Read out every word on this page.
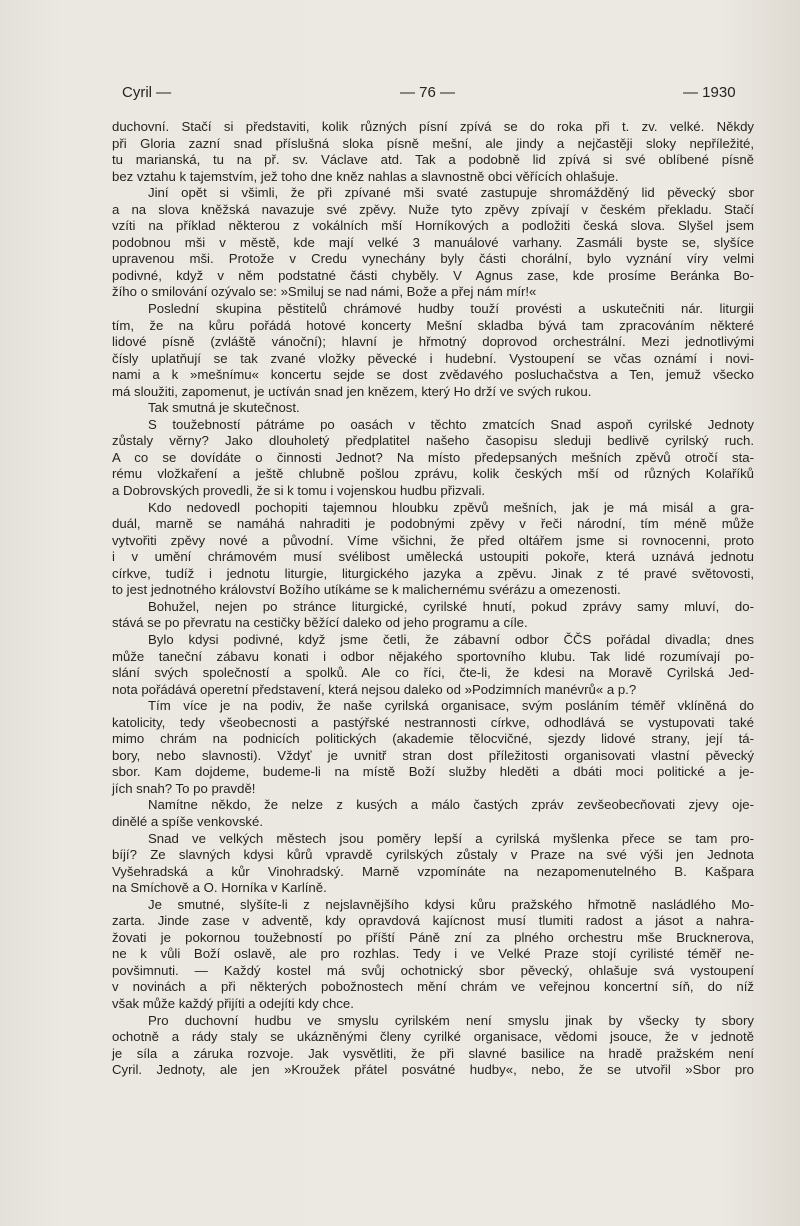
Cyril —	— 76 —	— 1930
duchovní. Stačí si představiti, kolik různých písní zpívá se do roka při t. zv. velké. Někdy
při Gloria zazní snad příslušná sloka písně mešní, ale jindy a nejčastěji sloky nepříležité,
tu marianská, tu na př. sv. Václave atd. Tak a podobně lid zpívá si své oblíbené písně
bez vztahu k tajemstvím, jež toho dne kněz nahlas a slavnostně obci věřících ohlašuje.
Jiní opět si všimli, že při zpívané mši svaté zastupuje shromážděný lid pěvecký sbor
a na slova kněžská navazuje své zpěvy. Nuže tyto zpěvy zpívají v českém překladu. Stačí
vzíti na příklad některou z vokálních mší Horníkových a podložiti česká slova. Slyšel jsem
podobnou mši v městě, kde mají velké 3 manuálové varhany. Zasmáli byste se, slyšíce
upravenou mši. Protože v Credu vynechány byly části chorální, bylo vyznání víry velmi
podivné, když v něm podstatné části chyběly. V Agnus zase, kde prosíme Beránka Bo-
žího o smilování ozývalo se: »Smiluj se nad námi, Bože a přej nám mír!«
Poslední skupina pěstitelů chrámové hudby touží provésti a uskutečniti nár. liturgii
tím, že na kůru pořádá hotové koncerty Mešní skladba bývá tam zpracováním některé
lidové písně (zvláště vánoční); hlavní je hřmotný doprovod orchestrální. Mezi jednotlivými
čísly uplatňují se tak zvané vložky pěvecké i hudební. Vystoupení se včas oznámí i novi-
nami a k »mešnímu« koncertu sejde se dost zvědavého posluchačstva a Ten, jemuž všecko
má sloužiti, zapomenut, je uctíván snad jen knězem, který Ho drží ve svých rukou.
Tak smutná je skutečnost.
S toužebností pátráme po oasách v těchto zmatcích Snad aspoň cyrilské Jednoty
zůstaly věrny? Jako dlouholetý předplatitel našeho časopisu sleduji bedlivě cyrilský ruch.
A co se dovídáte o činnosti Jednot? Na místo předepsaných mešních zpěvů otročí sta-
rému vložkaření a ještě chlubně pošlou zprávu, kolik českých mší od různých Kolaříků
a Dobrovských provedli, že si k tomu i vojenskou hudbu přizvali.
Kdo nedovedl pochopiti tajemnou hloubku zpěvů mešních, jak je má misál a gra-
duál, marně se namáhá nahraditi je podobnými zpěvy v řeči národní, tím méně může
vytvořiti zpěvy nové a původní. Víme všichni, že před oltářem jsme si rovnocenni, proto
i v umění chrámovém musí svélibost umělecká ustoupiti pokoře, která uznává jednotu
církve, tudíž i jednotu liturgie, liturgického jazyka a zpěvu. Jinak z té pravé světovosti,
to jest jednotného království Božího utíkáme se k malichernému svérázu a omezenosti.
Bohužel, nejen po stránce liturgické, cyrilské hnutí, pokud zprávy samy mluví, do-
stává se po převratu na cestičky běžící daleko od jeho programu a cíle.
Bylo kdysi podivné, když jsme četli, že zábavní odbor ČČS pořádal divadla; dnes
může taneční zábavu konati i odbor nějakého sportovního klubu. Tak lidé rozumívají po-
slání svých společností a spolků. Ale co říci, čte-li, že kdesi na Moravě Cyrilská Jed-
nota pořádává operetní představení, která nejsou daleko od »Podzimních manévrů« a p.?
Tím více je na podiv, že naše cyrilská organisace, svým posláním téměř vklíněná do
katolicity, tedy všeobecnosti a pastýřské nestrannosti církve, odhodlává se vystupovati také
mimo chrám na podnicích politických (akademie tělocvičné, sjezdy lidové strany, její tá-
bory, nebo slavnosti). Vždyť je uvnitř stran dost příležitosti organisovati vlastní pěvecký
sbor. Kam dojdeme, budeme-li na místě Boží služby hleděti a dbáti moci politické a je-
jích snah? To po pravdě!
Namítne někdo, že nelze z kusých a málo častých zpráv zevšeobecňovati zjevy oje-
dinělé a spíše venkovské.
Snad ve velkých městech jsou poměry lepší a cyrilská myšlenka přece se tam pro-
bíjí? Ze slavných kdysi kůrů vpravdě cyrilských zůstaly v Praze na své výši jen Jednota
Vyšehradská a kůr Vinohradský. Marně vzpomínáte na nezapomenutelného B. Kašpara
na Smíchově a O. Horníka v Karlíně.
Je smutné, slyšíte-li z nejslavnějšího kdysi kůru pražského hřmotně nasládlého Mo-
zarta. Jinde zase v adventě, kdy opravdová kajícnost musí tlumiti radost a jásot a nahra-
žovati je pokornou toužebností po příští Páně zní za plného orchestru mše Brucknerova,
ne k vůli Boží oslavě, ale pro rozhlas. Tedy i ve Velké Praze stojí cyrilisté téměř ne-
povšimnuti. — Každý kostel má svůj ochotnický sbor pěvecký, ohlašuje svá vystoupení
v novinách a při některých pobožnostech mění chrám ve veřejnou koncertní síň, do níž
však může každý přijíti a odejíti kdy chce.
Pro duchovní hudbu ve smyslu cyrilském není smyslu jinak by všecky ty sbory
ochotně a rády staly se ukázněnými členy cyrilké organisace, vědomi jsouce, že v jednotě
je síla a záruka rozvoje. Jak vysvětliti, že při slavné basilice na hradě pražském není
Cyril. Jednoty, ale jen »Kroužek přátel posvátné hudby«, nebo, že se utvořil »Sbor pro
